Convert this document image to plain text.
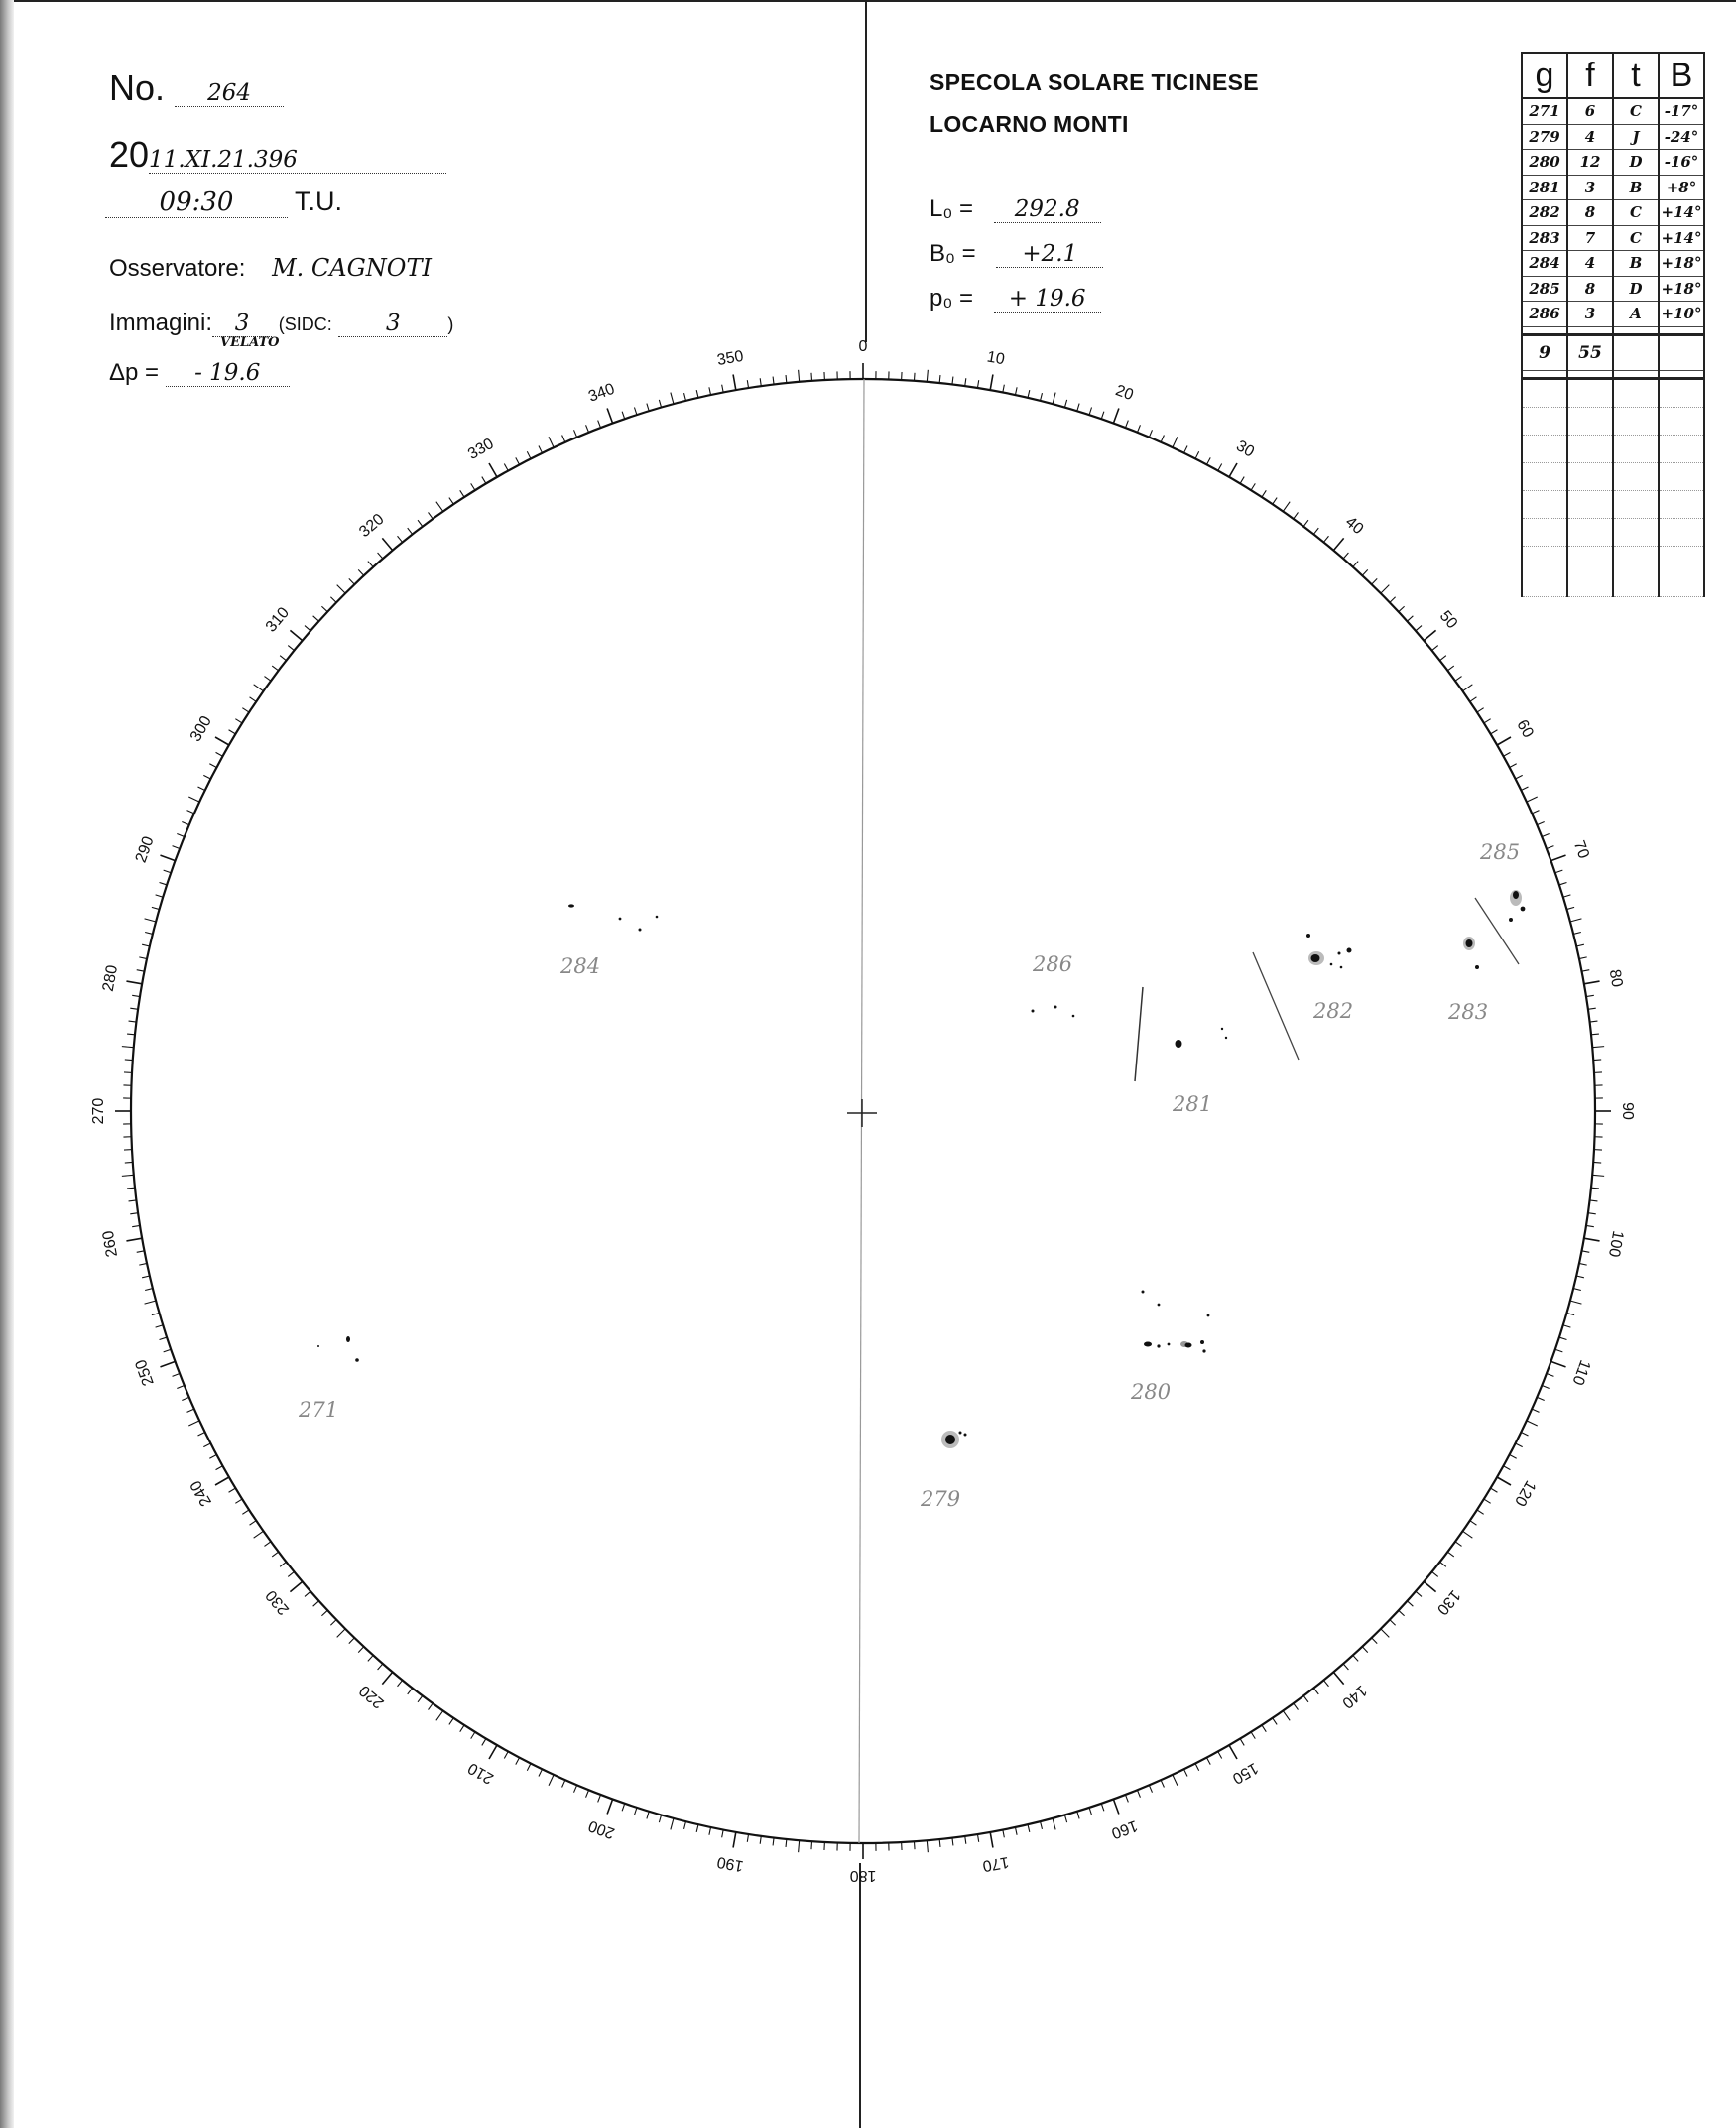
No. 264
2011.XI.21.396
09:30 T.U.
Osservatore: M. CAGNOTI
Immagini: 3 (SIDC: 3	)
VELATO
Δp = - 19.6
SPECOLA SOLARE TICINESE
LOCARNO MONTI
L₀ = 292.8
B₀ = +2.1
p₀ = + 19.6
g	f	t	B
271	6	C	-17°
279	4	J	-24°
280	12	D	-16°
281	3	B	+8°
282	8	C	+14°
283	7	C	+14°
284	4	B	+18°
285	8	D	+18°
286	3	A	+10°

9	55		

0
10
20
30
40
50
60
70
80
90
100
110
120
130
140
150
160
170
180
190
200
210
220
230
240
250
260
270
280
290
300
310
320
330
340
350
284	286
281
282	283
285
280
279
271
